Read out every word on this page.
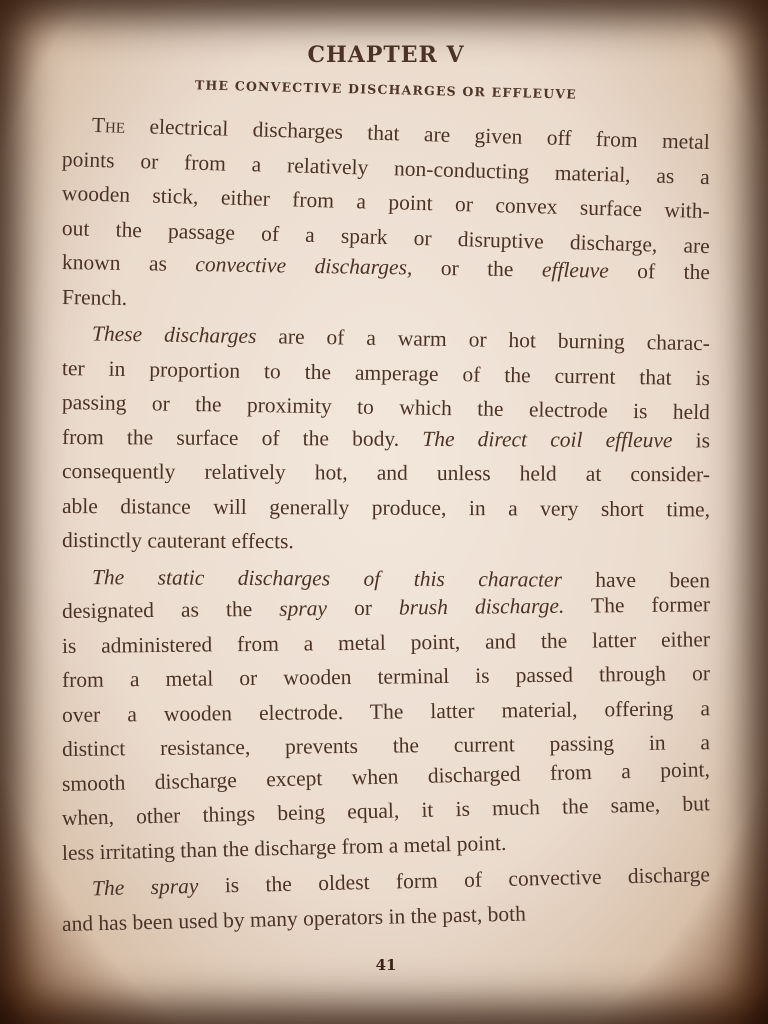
CHAPTER V
THE CONVECTIVE DISCHARGES OR EFFLEUVE
The electrical discharges that are given off from metal
points or from a relatively non-conducting material, as a
wooden stick, either from a point or convex surface with-
out the passage of a spark or disruptive discharge, are
known as convective discharges, or the effleuve of the
French.
These discharges are of a warm or hot burning charac-
ter in proportion to the amperage of the current that is
passing or the proximity to which the electrode is held
from the surface of the body. The direct coil effleuve is
consequently relatively hot, and unless held at consider-
able distance will generally produce, in a very short time,
distinctly cauterant effects.
The static discharges of this character have been
designated as the spray or brush discharge. The former
is administered from a metal point, and the latter either
from a metal or wooden terminal is passed through or
over a wooden electrode. The latter material, offering a
distinct resistance, prevents the current passing in a
smooth discharge except when discharged from a point,
when, other things being equal, it is much the same, but
less irritating than the discharge from a metal point.
The spray is the oldest form of convective discharge
and has been used by many operators in the past, both
41
